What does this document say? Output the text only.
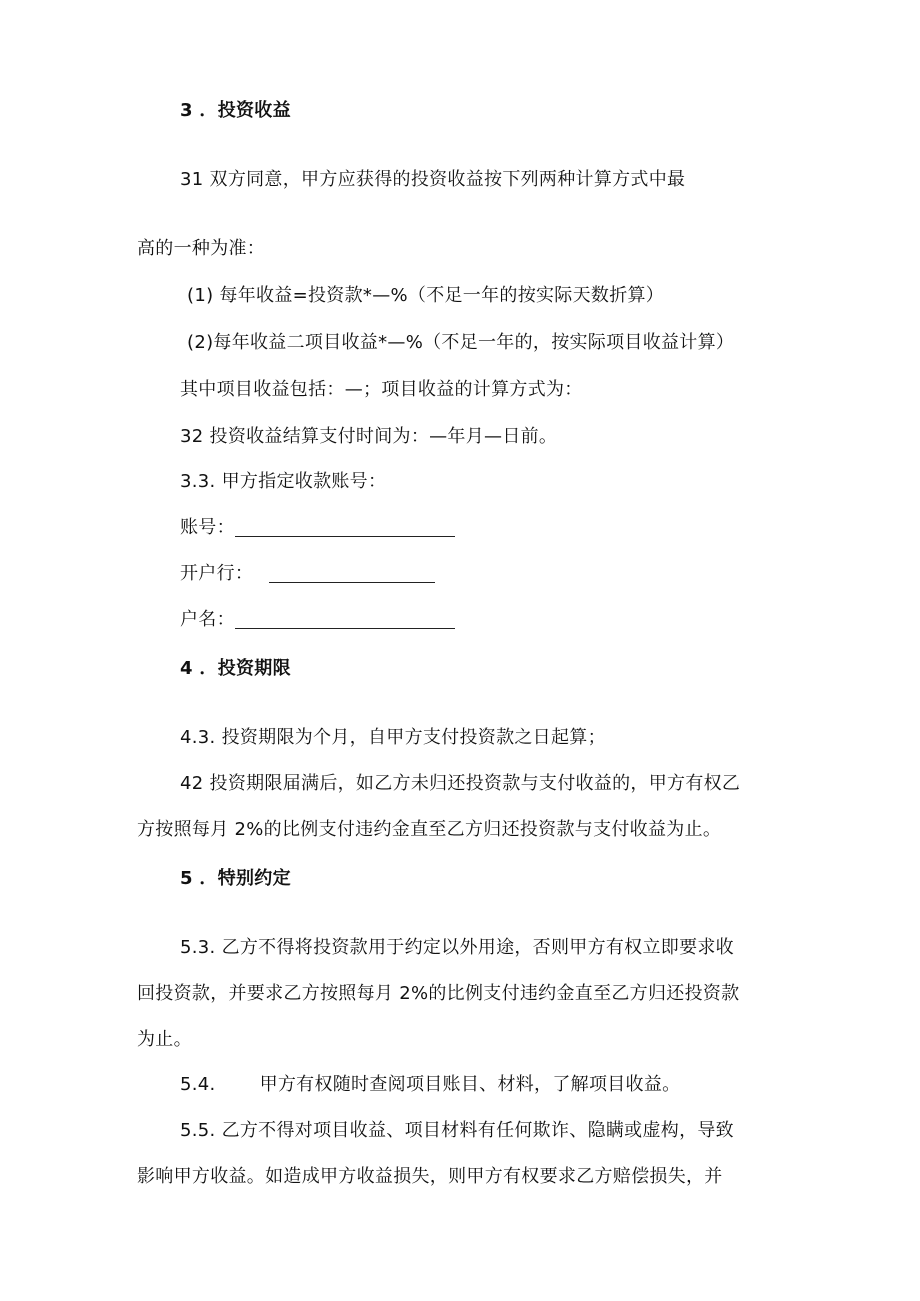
3 ．投资收益
31 双方同意，甲方应获得的投资收益按下列两种计算方式中最
高的一种为准：
(1) 每年收益=投资款*—%（不足一年的按实际天数折算）
(2)每年收益二项目收益*—%（不足一年的，按实际项目收益计算）
其中项目收益包括：—；项目收益的计算方式为：
32 投资收益结算支付时间为：—年月—日前。
3.3. 甲方指定收款账号：
账号：
开户行：
户名：
4 ．投资期限
4.3. 投资期限为个月，自甲方支付投资款之日起算；
42 投资期限届满后，如乙方未归还投资款与支付收益的，甲方有权乙
方按照每月 2%的比例支付违约金直至乙方归还投资款与支付收益为止。
5 ．特别约定
5.3. 乙方不得将投资款用于约定以外用途，否则甲方有权立即要求收
回投资款，并要求乙方按照每月 2%的比例支付违约金直至乙方归还投资款
为止。
5.4. 甲方有权随时查阅项目账目、材料，了解项目收益。
5.5. 乙方不得对项目收益、项目材料有任何欺诈、隐瞒或虚构，导致
影响甲方收益。如造成甲方收益损失，则甲方有权要求乙方赔偿损失，并
